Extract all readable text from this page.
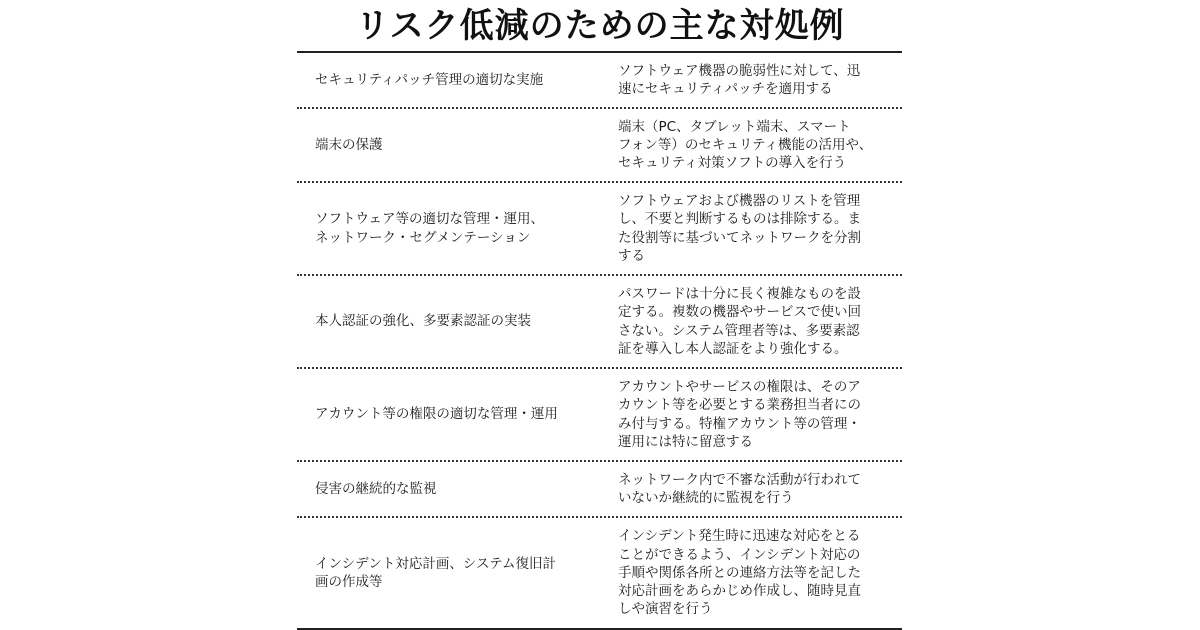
リスク低減のための主な対処例
セキュリティパッチ管理の適切な実施
ソフトウェア機器の脆弱性に対して、迅
速にセキュリティパッチを適用する
端末の保護
端末（PC、タブレット端末、スマート
フォン等）のセキュリティ機能の活用や、
セキュリティ対策ソフトの導入を行う
ソフトウェア等の適切な管理・運用、
ネットワーク・セグメンテーション
ソフトウェアおよび機器のリストを管理
し、不要と判断するものは排除する。ま
た役割等に基づいてネットワークを分割
する
本人認証の強化、多要素認証の実装
パスワードは十分に長く複雑なものを設
定する。複数の機器やサービスで使い回
さない。システム管理者等は、多要素認
証を導入し本人認証をより強化する。
アカウント等の権限の適切な管理・運用
アカウントやサービスの権限は、そのア
カウント等を必要とする業務担当者にの
み付与する。特権アカウント等の管理・
運用には特に留意する
侵害の継続的な監視
ネットワーク内で不審な活動が行われて
いないか継続的に監視を行う
インシデント対応計画、システム復旧計
画の作成等
インシデント発生時に迅速な対応をとる
ことができるよう、インシデント対応の
手順や関係各所との連絡方法等を記した
対応計画をあらかじめ作成し、随時見直
しや演習を行う
